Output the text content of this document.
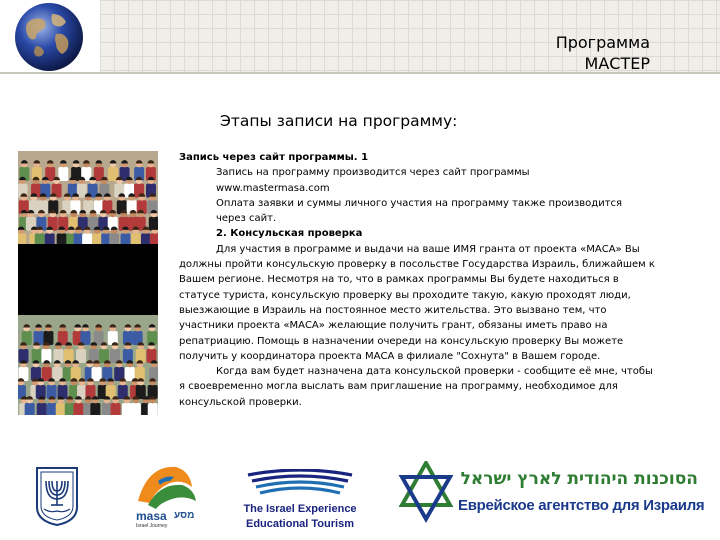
Программа
МАСТЕР
Этапы записи на программу:

Запись через сайт программы. 1

Запись на программу производится через сайт программы

www.mastermasa.com

Оплата заявки и суммы личного участия на программу также производится

через сайт.

2. Консульская проверка

Для участия в программе и выдачи на ваше ИМЯ гранта от проекта «МАСА» Вы

должны пройти консульскую проверку в посольстве Государства Израиль, ближайшем к

Вашем регионе. Несмотря на то, что в рамках программы Вы будете находиться в

статусе туриста, консульскую проверку вы проходите такую, какую проходят люди,

выезжающие в Израиль на постоянное место жительства. Это вызвано тем, что

участники проекта «МАСА» желающие получить грант, обязаны иметь право на

репатриацию. Помощь в назначении очереди на консульскую проверку Вы можете

получить у координатора проекта МАСА в филиале "Сохнута" в Вашем городе.

Когда вам будет назначена дата консульской проверки - сообщите её мне, чтобы

я своевременно могла выслать вам приглашение на программу, необходимое для

консульской проверки.

masa מסע
Israel Journey
The Israel Experience
Educational Tourism
הסוכנות היהודית לארץ ישראל
Еврейское агентство для Израиля
